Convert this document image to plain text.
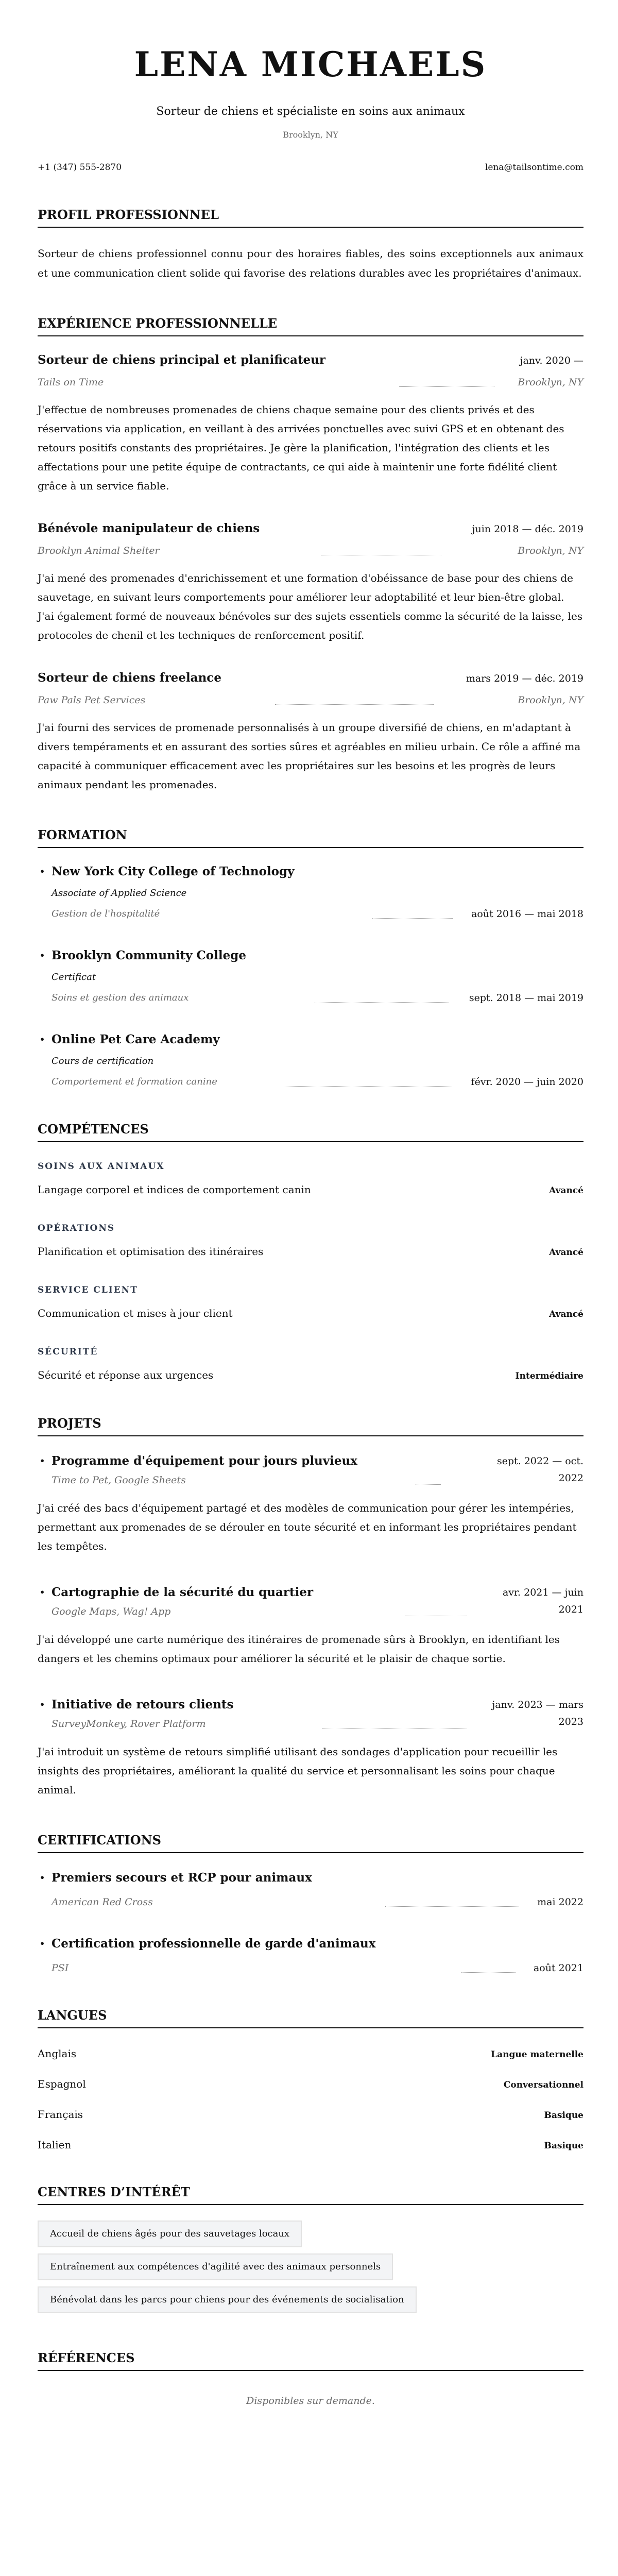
LENA MICHAELS
Sorteur de chiens et spécialiste en soins aux animaux
Brooklyn, NY
+1 (347) 555-2870	lena@tailsontime.com
PROFIL PROFESSIONNEL

Sorteur de chiens professionnel connu pour des horaires fiables, des soins exceptionnels aux animaux et une communication client solide qui favorise des relations durables avec les propriétaires d'animaux.

EXPÉRIENCE PROFESSIONNELLE
Sorteur de chiens principal et planificateur	janv. 2020 —
Tails on Time	Brooklyn, NY

J'effectue de nombreuses promenades de chiens chaque semaine pour des clients privés et des réservations via application, en veillant à des arrivées ponctuelles avec suivi GPS et en obtenant des retours positifs constants des propriétaires. Je gère la planification, l'intégration des clients et les affectations pour une petite équipe de contractants, ce qui aide à maintenir une forte fidélité client grâce à un service fiable.

Bénévole manipulateur de chiens	juin 2018 — déc. 2019
Brooklyn Animal Shelter	Brooklyn, NY

J'ai mené des promenades d'enrichissement et une formation d'obéissance de base pour des chiens de sauvetage, en suivant leurs comportements pour améliorer leur adoptabilité et leur bien-être global. J'ai également formé de nouveaux bénévoles sur des sujets essentiels comme la sécurité de la laisse, les protocoles de chenil et les techniques de renforcement positif.

Sorteur de chiens freelance	mars 2019 — déc. 2019
Paw Pals Pet Services	Brooklyn, NY

J'ai fourni des services de promenade personnalisés à un groupe diversifié de chiens, en m'adaptant à divers tempéraments et en assurant des sorties sûres et agréables en milieu urbain. Ce rôle a affiné ma capacité à communiquer efficacement avec les propriétaires sur les besoins et les progrès de leurs animaux pendant les promenades.

FORMATION
• New York City College of Technology
Associate of Applied Science
Gestion de l'hospitalité	août 2016 — mai 2018
• Brooklyn Community College
Certificat
Soins et gestion des animaux	sept. 2018 — mai 2019
• Online Pet Care Academy
Cours de certification
Comportement et formation canine	févr. 2020 — juin 2020
COMPÉTENCES
SOINS AUX ANIMAUX
Langage corporel et indices de comportement canin	Avancé
OPÉRATIONS
Planification et optimisation des itinéraires	Avancé
SERVICE CLIENT
Communication et mises à jour client	Avancé
SÉCURITÉ
Sécurité et réponse aux urgences	Intermédiaire
PROJETS
• Programme d'équipement pour jours pluvieux
Time to Pet, Google Sheets
sept. 2022 — oct. 2022

J'ai créé des bacs d'équipement partagé et des modèles de communication pour gérer les intempéries, permettant aux promenades de se dérouler en toute sécurité et en informant les propriétaires pendant les tempêtes.

• Cartographie de la sécurité du quartier
Google Maps, Wag! App
avr. 2021 — juin 2021

J'ai développé une carte numérique des itinéraires de promenade sûrs à Brooklyn, en identifiant les dangers et les chemins optimaux pour améliorer la sécurité et le plaisir de chaque sortie.

• Initiative de retours clients
SurveyMonkey, Rover Platform
janv. 2023 — mars 2023

J'ai introduit un système de retours simplifié utilisant des sondages d'application pour recueillir les insights des propriétaires, améliorant la qualité du service et personnalisant les soins pour chaque animal.

CERTIFICATIONS
• Premiers secours et RCP pour animaux
American Red Cross	mai 2022
• Certification professionnelle de garde d'animaux
PSI	août 2021
LANGUES
Anglais	Langue maternelle
Espagnol	Conversationnel
Français	Basique
Italien	Basique
CENTRES D’INTÉRÊT
Accueil de chiens âgés pour des sauvetages locaux
Entraînement aux compétences d'agilité avec des animaux personnels
Bénévolat dans les parcs pour chiens pour des événements de socialisation
RÉFÉRENCES
Disponibles sur demande.
